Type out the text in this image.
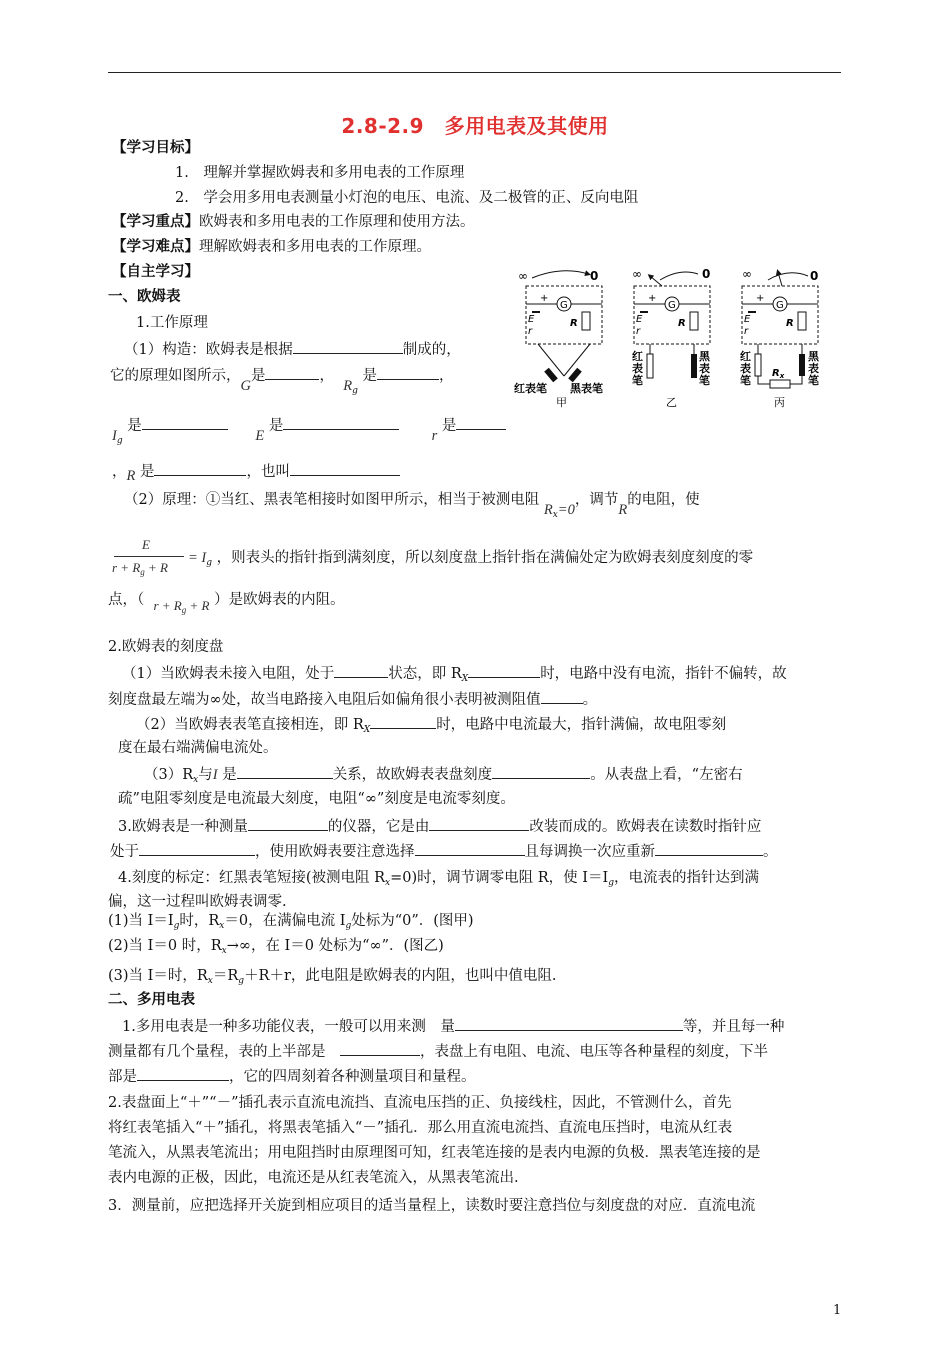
2.8-2.9　多用电表及其使用
【学习目标】
1.　理解并掌握欧姆表和多用电表的工作原理
2.　学会用多用电表测量小灯泡的电压、电流、及二极管的正、反向电阻
【学习重点】欧姆表和多用电表的工作原理和使用方法。
【学习难点】理解欧姆表和多用电表的工作原理。
【自主学习】
一、欧姆表
1.工作原理
（1）构造：欧姆表是根据	制成的，
它的原理如图所示，G是	，  $R_g$ 是	，
$I_g$ 是      E 是       r 是
，R 是	，也叫
（2）原理：①当红、黑表笔相接时如图甲所示，相当于被测电阻 $R_x=0$，调节R的电阻，使
E
$r + R_g + R$
= $I_g$ ，则表头的指针指到满刻度，所以刻度盘上指针指在满偏处定为欧姆表刻度刻度的零
点，（ $r + R_g + R$ ）是欧姆表的内阻。
2.欧姆表的刻度盘
（1）当欧姆表未接入电阻，处于	状态，即 $R_X$	时，电路中没有电流，指针不偏转，故
刻度盘最左端为∞处，故当电路接入电阻后如偏角很小表明被测阻值	。
（2）当欧姆表表笔直接相连，即 $R_X$	时，电路中电流最大，指针满偏，故电阻零刻
度在最右端满偏电流处。
$(3)R_x$与I 是	关系，故欧姆表表盘刻度	。从表盘上看，“左密右
疏”电阻零刻度是电流最大刻度，电阻“∞”刻度是电流零刻度。
3.欧姆表是一种测量	的仪器，它是由	改装而成的。欧姆表在读数时指针应
处于	，使用欧姆表要注意选择	且每调换一次应重新	。
4.刻度的标定：红黑表笔短接(被测电阻 $R_x=0$)时，调节调零电阻 R，使 $I=I_g$，电流表的指针达到满
偏，这一过程叫欧姆表调零.
(1)当 $I=I_g$时，$R_x=0$，在满偏电流 $I_g$处标为“0”．(图甲)
(2)当 I＝0 时，$R_x\to\infty$，在 I＝0 处标为“∞”．(图乙)
(3)当 I＝时，$R_x=R_g+R+r$，此电阻是欧姆表的内阻，也叫中值电阻.
二、多用电表
1.多用电表是一种多功能仪表，一般可以用来测　量	等，并且每一种
测量都有几个量程，表的上半部是　	，表盘上有电阻、电流、电压等各种量程的刻度，下半
部是	，它的四周刻着各种测量项目和量程。
2.表盘面上“＋”“－”插孔表示直流电流挡、直流电压挡的正、负接线柱，因此，不管测什么，首先
将红表笔插入“＋”插孔，将黑表笔插入“－”插孔．那么用直流电流挡、直流电压挡时，电流从红表
笔流入，从黑表笔流出；用电阻挡时由原理图可知，红表笔连接的是表内电源的负极．黑表笔连接的是
表内电源的正极，因此，电流还是从红表笔流入，从黑表笔流出.
3．测量前，应把选择开关旋到相应项目的适当量程上，读数时要注意挡位与刻度盘的对应．直流电流
∞	0
G
+
E
r
R
红表笔 黑表笔
甲
∞	0
G
+
E
r
R
红
表
笔
黑
表
笔
乙
∞	0
G
+
E
r
R
$R_x$
红
表
笔
黑
表
笔
丙
1
